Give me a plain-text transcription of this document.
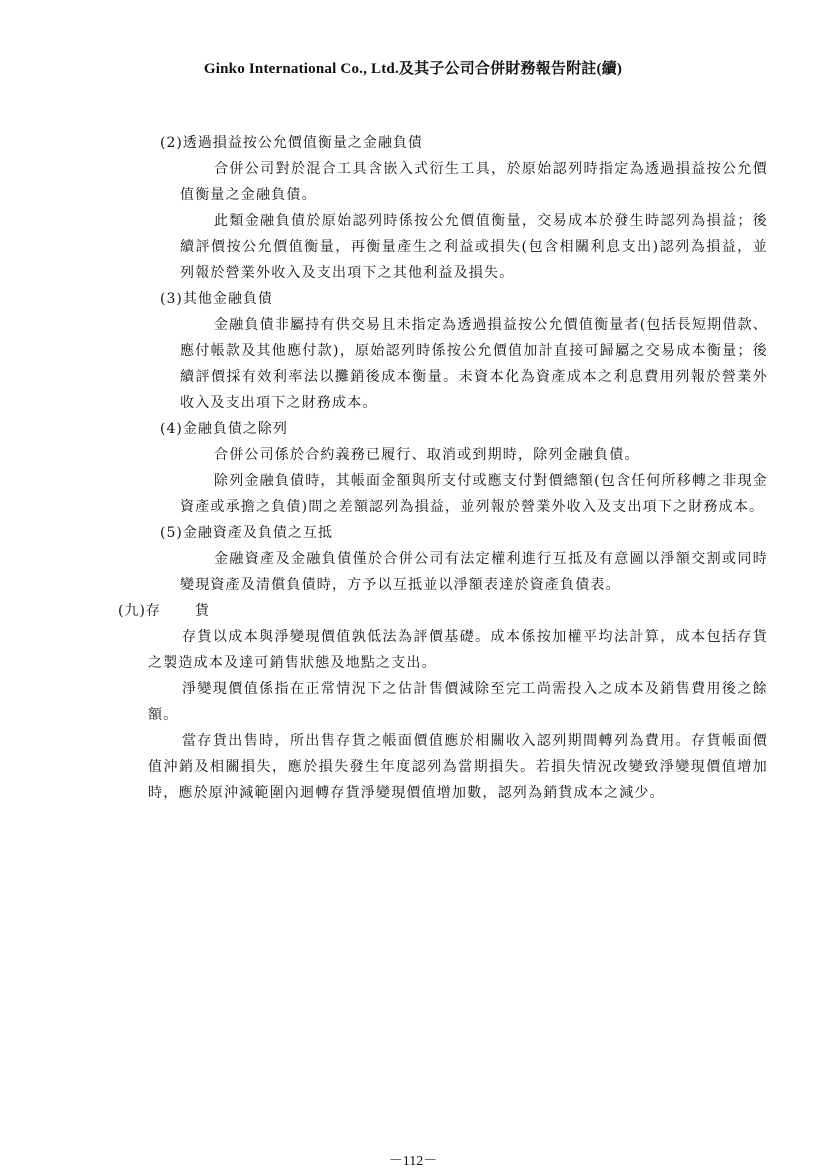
Ginko International Co., Ltd.及其子公司合併財務報告附註(續)
(2)透過損益按公允價值衡量之金融負債
合併公司對於混合工具含嵌入式衍生工具，於原始認列時指定為透過損益按公允價值衡量之金融負債。
此類金融負債於原始認列時係按公允價值衡量，交易成本於發生時認列為損益；後續評價按公允價值衡量，再衡量產生之利益或損失(包含相關利息支出)認列為損益，並列報於營業外收入及支出項下之其他利益及損失。
(3)其他金融負債
金融負債非屬持有供交易且未指定為透過損益按公允價值衡量者(包括長短期借款、應付帳款及其他應付款)，原始認列時係按公允價值加計直接可歸屬之交易成本衡量；後續評價採有效利率法以攤銷後成本衡量。未資本化為資產成本之利息費用列報於營業外收入及支出項下之財務成本。
(4)金融負債之除列
合併公司係於合約義務已履行、取消或到期時，除列金融負債。
除列金融負債時，其帳面金額與所支付或應支付對價總額(包含任何所移轉之非現金資產或承擔之負債)間之差額認列為損益，並列報於營業外收入及支出項下之財務成本。
(5)金融資產及負債之互抵
金融資產及金融負債僅於合併公司有法定權利進行互抵及有意圖以淨額交割或同時變現資產及清償負債時，方予以互抵並以淨額表達於資產負債表。
(九)存 貨
存貨以成本與淨變現價值孰低法為評價基礎。成本係按加權平均法計算，成本包括存貨之製造成本及達可銷售狀態及地點之支出。
淨變現價值係指在正常情況下之估計售價減除至完工尚需投入之成本及銷售費用後之餘額。
當存貨出售時，所出售存貨之帳面價值應於相關收入認列期間轉列為費用。存貨帳面價值沖銷及相關損失，應於損失發生年度認列為當期損失。若損失情況改變致淨變現價值增加時，應於原沖減範圍內迴轉存貨淨變現價值增加數，認列為銷貨成本之減少。
－112－
